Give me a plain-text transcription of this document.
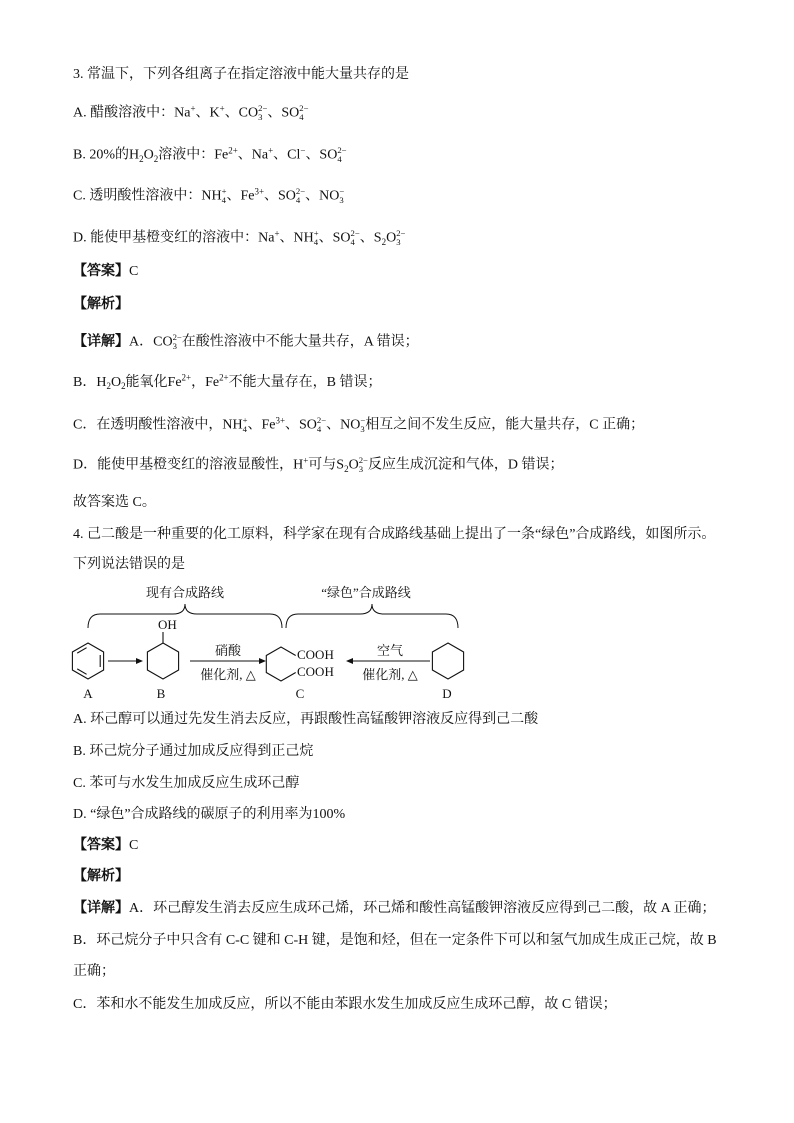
3. 常温下，下列各组离子在指定溶液中能大量共存的是
A. 醋酸溶液中：Na+、K+、CO 2−
3 、SO 2−
4
B. 20%的$H_2O_2$溶液中：$Fe^{2+}$、Na+、Cl−、SO 2−
4
C. 透明酸性溶液中：NH +
4 、$Fe^{3+}$、SO 2−
4 、NO −
3
D. 能使甲基橙变红的溶液中：Na+、NH +
4 、SO 2−
4 、$S_2O$ 2−
3
【答案】C
【解析】
【详解】A．CO 2−
3 在酸性溶液中不能大量共存，A 错误；
B．$H_2O_2$能氧化$Fe^{2+}$，$Fe^{2+}$不能大量存在，B 错误；
C．在透明酸性溶液中，NH +
4 、$Fe^{3+}$、SO 2−
4 、NO −
3 相互之间不发生反应，能大量共存，C 正确；
D．能使甲基橙变红的溶液显酸性，H+可与$S_2O$ 2−
3 反应生成沉淀和气体，D 错误；
故答案选 C。
4. 己二酸是一种重要的化工原料，科学家在现有合成路线基础上提出了一条“绿色”合成路线，如图所示。
下列说法错误的是
现有合成路线	“绿色”合成路线
A
OH
B
硝酸
催化剂, △
COOH
COOH
C
空气
催化剂, △
D
A. 环己醇可以通过先发生消去反应，再跟酸性高锰酸钾溶液反应得到己二酸
B. 环己烷分子通过加成反应得到正己烷
C. 苯可与水发生加成反应生成环己醇
D. “绿色”合成路线的碳原子的利用率为100%
【答案】C
【解析】
【详解】A．环己醇发生消去反应生成环己烯，环己烯和酸性高锰酸钾溶液反应得到己二酸，故 A 正确；
B．环己烷分子中只含有 C-C 键和 C-H 键，是饱和烃，但在一定条件下可以和氢气加成生成正己烷，故 B
正确；
C．苯和水不能发生加成反应，所以不能由苯跟水发生加成反应生成环己醇，故 C 错误；
